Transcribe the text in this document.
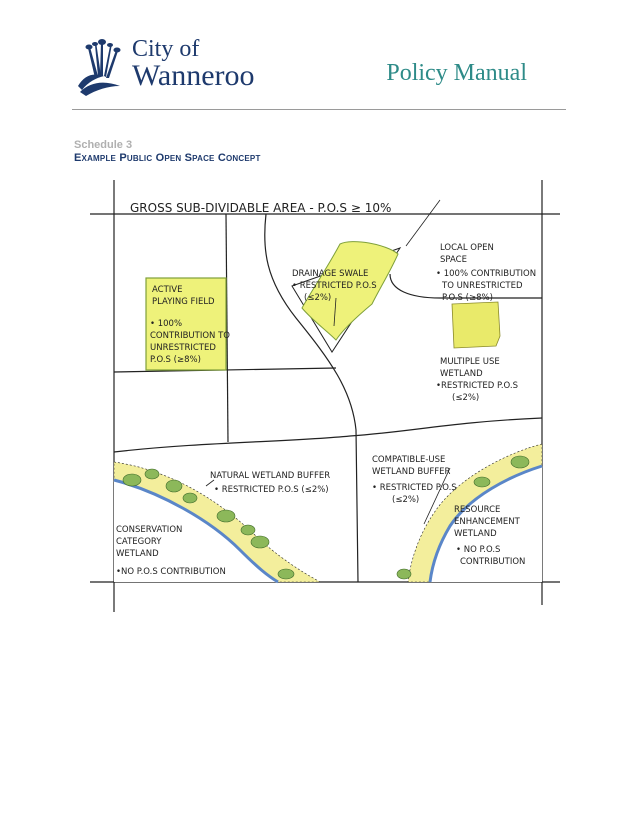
City of
Wanneroo	Policy Manual
Schedule 3
Example Public Open Space Concept
GROSS SUB-DIVIDABLE AREA - P.O.S ≥ 10%
ACTIVE
PLAYING FIELD
• 100%
CONTRIBUTION TO
UNRESTRICTED
P.O.S (≥8%)
DRAINAGE SWALE
• RESTRICTED P.O.S
(≤2%)
LOCAL OPEN
SPACE
• 100% CONTRIBUTION
TO UNRESTRICTED
P.O.S (≥8%)
MULTIPLE USE
WETLAND
•RESTRICTED P.O.S
(≤2%)
NATURAL WETLAND BUFFER
• RESTRICTED P.O.S (≤2%)
COMPATIBLE-USE
WETLAND BUFFER
• RESTRICTED P.O.S
(≤2%)
RESOURCE
ENHANCEMENT
WETLAND
• NO P.O.S
CONTRIBUTION
CONSERVATION
CATEGORY
WETLAND
•NO P.O.S CONTRIBUTION
